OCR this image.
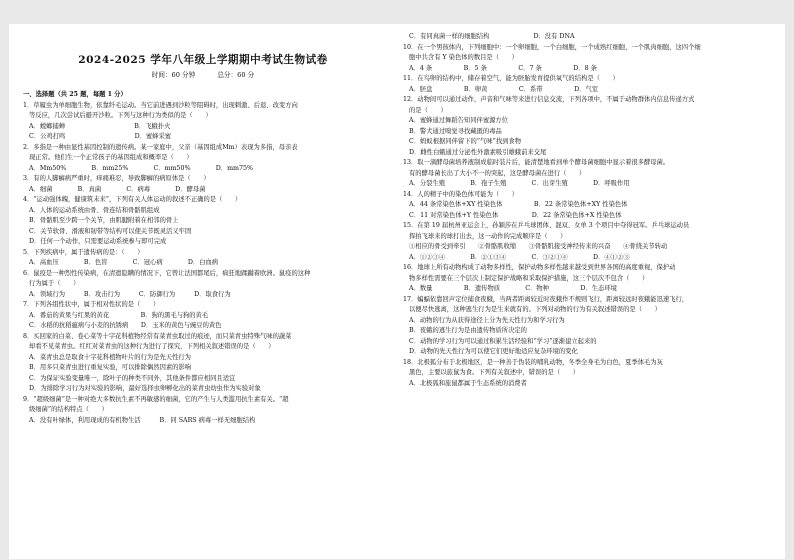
2024-2025 学年八年级上学期期中考试生物试卷
时间：60 分钟	总分：60 分
一、选择题（共 25 题，每题 1 分）
1．草履虫为单细胞生物，依靠纤毛运动。当它前进遇到沙粒等阻碍时，出现刺激、后退、改变方向
等反应，几次尝试后避开沙粒。下列与这种行为类似的是（　　）
A．螳螂捕蝉　　　　　　　　　　　B．飞蛾扑火
C．公鸡打鸣　　　　　　　　　　　D．蜜蜂采蜜
2．多指是一种由显性基因控制的遗传病。某一家庭中，父亲（基因组成Mm）表现为多指，母亲表
现正常。他们生一个正常孩子的基因组成和概率是（　　）
A．Mm50%　　　　B．mm25%　　　　C．mm50%　　　　D．mm75%
3．有的人脚癣病严重时，痒痛难忍，导致脚癣的病原体是（　　）
A．细菌　　　　B．真菌　　　　C．病毒　　　　D．酵母菌
4．“运动强体魄，健康筑未来”，下列有关人体运动的叙述不正确的是（　　）
A．人体的运动系统由骨、骨连结和骨骼肌组成
B．骨骼肌至少跨一个关节，由肌腱附着在相邻的骨上
C．关节软骨、滑液和韧带等结构可以使关节既灵活又牢固
D．任何一个动作，只需要运动系统参与即可完成
5．下列疾病中，属于遗传病的是：（　　）
A．高血压　　　　B．色盲　　　　C．冠心病　　　　D．白血病
6．鼠疫是一种烈性传染病，在清遗隐瞒的情况下，它曾让法国都尾后，疯狂地蹂躏着欧洲。鼠疫的这种
行为属于（　　）
A．领域行为　　　B．攻击行为　　　C．防御行为　　　D．取食行为
7．下列各组性状中，属于相对性状的是（　　）
A．番茄的黄果与红果的黄花　　　　　B．狗的黑毛与狗的黄毛
C．水稻的抗稻瘟病与小麦的抗锈病　　D．玉米的黄色与豌豆的黄色
8．买回家的白菜、卷心菜等十字花科植物经常有菜青虫取过的痕迹，而只菜青虫特殊气味的蔬菜
却看不见菜青虫。红红对菜青虫的这种行为进行了探究，下列相关叙述错误的是（　　）
A．菜青虫总是取食十字花科植物叶片的行为是先天性行为
B．用多只菜青虫进行重复实验，可以排除偶然因素的影响
C．为保证实验变量唯一，除叶子的种类不同外，其他条件都应相同且适宜
D．为排除学习行为对实验的影响，最好选择虫卵孵化出的菜青虫幼虫作为实验对象
9．“超级细菌”是一种对绝大多数抗生素不再敏感的细菌，它的产生与人类滥用抗生素有关。“超
级细菌”的结构特点（　　）
A．没有叶绿体，利用现成的有机物生活　　　B．同 SARS 病毒一样无细胞结构
C．有同真菌一样的细胞结构　　　　　　　D．没有 DNA
10．在一个男孩体内，下列细胞中：一个卵细胞，一个白细胞，一个成熟红细胞，一个肌肉细胞，这四个细
胞中共含有 Y 染色体的数目是（　　）
A．4 条　　　　　B．5 条　　　　　C．7 条　　　　　D．8 条
11．在鸟卵的结构中，储存着空气，能为胚胎发育提供氧气的结构是（　　）
A．胚盘　　　　　B．卵黄　　　　　C．系带　　　　　D．气室
12．动物间可以通过动作，声音和气味等来进行信息交流，下列各项中，不属于动物群体内信息传递方式
的是（　　）
A．蜜蜂通过舞蹈告知同伴蜜源方位
B．警犬通过嗅觉寻找藏匿的毒品
C．蚂蚁根据同伴留下的“气味”找到食物
D．雌性白蛾通过分泌性外激素吸引雄蛾前来交尾
13．取一滴酵母菌培养液制成临时装片后，能清楚地看到单个酵母菌细胞中显示着很多酵母菌。
有的酵母菌长出了大小不一的突起，这是酵母菌在进行（　　）
A．分裂生殖　　　　B．孢子生殖　　　　C．出芽生殖　　　　D．呼吸作用
14．人的精子中的染色体可能为（　　）
A．44 条常染色体+XY 性染色体　　　　　B．22 条常染色体+XY 性染色体
C．11 对常染色体+Y 性染色体　　　　　 D．22 条常染色体+X 性染色体
15．在第 19 届杭州亚运会上，孙颖莎在乒乓球团体、混双、女单 3 个项目中夺得冠军。乒乓球运动员
挥拍飞球来的球打出去，这一动作的完成顺序是（　　）
①相应的骨受到牵引　　②骨骼肌收缩　　③骨骼肌接受神经传来的兴奋　　④骨绕关节转动
A．①②③④　　　　B．②①③④　　　　C．③②①④　　　　D．④①②③
16．地球上所有动物构成了动物多样性，保护动物多样性越来越受到世界各国的高度重视，保护动
物多样性需要在三个层次上制定保护战略和采取保护措施，这三个层次不包含（　　）
A．数量　　　　　B．遗传物质　　　　C．物种　　　　　D．生态环境
17．蝙蝠依靠回声定位捕食夜蛾，当两者距离较近时夜蛾作不规则飞行，距离较远时夜蛾能迅速飞行，
以便尽快逃离，这种逃生行为是生来就有的。下列对动物的行为有关叙述错误的是（　　）
A．动物的行为从获得途径上分为先天性行为和学习行为
B．夜蛾的逃生行为是由遗传物质所决定的
C．动物的学习行为可以通过积累生活经验和“学习”逐渐建立起来的
D．动物的先天性行为可以使它们更好地适应复杂环境的变化
18．北极狐分布于北极地区，是一种善于伪装的哺乳动物，冬季全身毛为白色，夏季体毛为灰
黑色，主要以旅鼠为食。下列有关叙述中，错误的是（　　）
A．北极狐和旅鼠都属于生态系统的消费者
